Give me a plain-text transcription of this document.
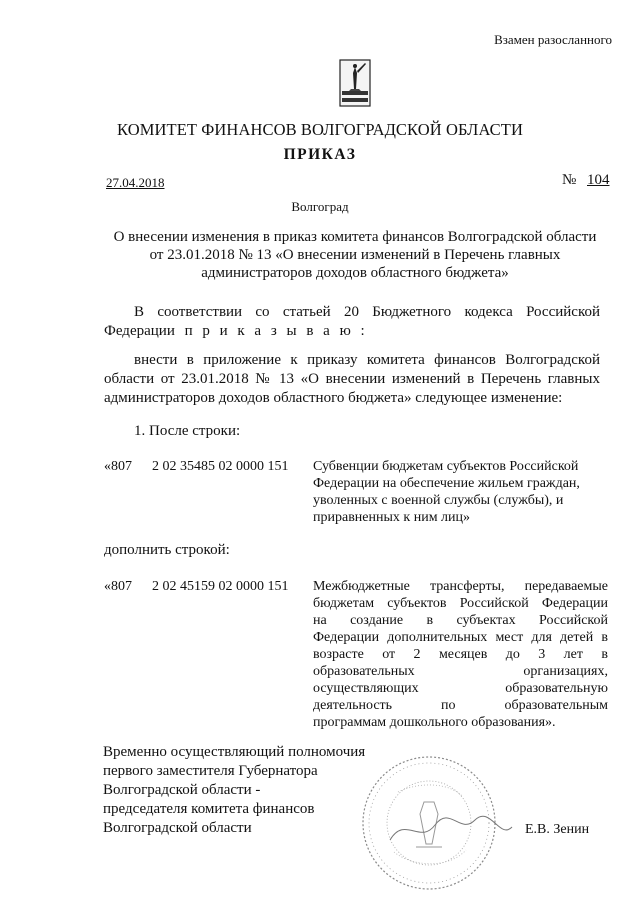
Взамен разосланного
КОМИТЕТ ФИНАНСОВ ВОЛГОГРАДСКОЙ ОБЛАСТИ
ПРИКАЗ
27.04.2018	№ 104
Волгоград
О внесении изменения в приказ комитета финансов Волгоградской области
от 23.01.2018 № 13 «О внесении изменений в Перечень главных
администраторов доходов областного бюджета»
В соответствии со статьей 20 Бюджетного кодекса Российской
Федерации п р и к а з ы в а ю :
внести в приложение к приказу комитета финансов Волгоградской
области от 23.01.2018 № 13 «О внесении изменений в Перечень главных
администраторов доходов областного бюджета» следующее изменение:
1. После строки:
«807 2 02 35485 02 0000 151 Субвенции бюджетам субъектов Российской
Федерации на обеспечение жильем граждан,
уволенных с военной службы (службы), и
приравненных к ним лиц»
дополнить строкой:
«807 2 02 45159 02 0000 151 Межбюджетные трансферты, передаваемые
бюджетам субъектов Российской Федерации
на создание в субъектах Российской
Федерации дополнительных мест для детей в
возрасте от 2 месяцев до 3 лет в
образовательных организациях,
осуществляющих образовательную
деятельность по образовательным
программам дошкольного образования».
Временно осуществляющий полномочия
первого заместителя Губернатора
Волгоградской области -
председателя комитета финансов
Волгоградской области	Е.В. Зенин
